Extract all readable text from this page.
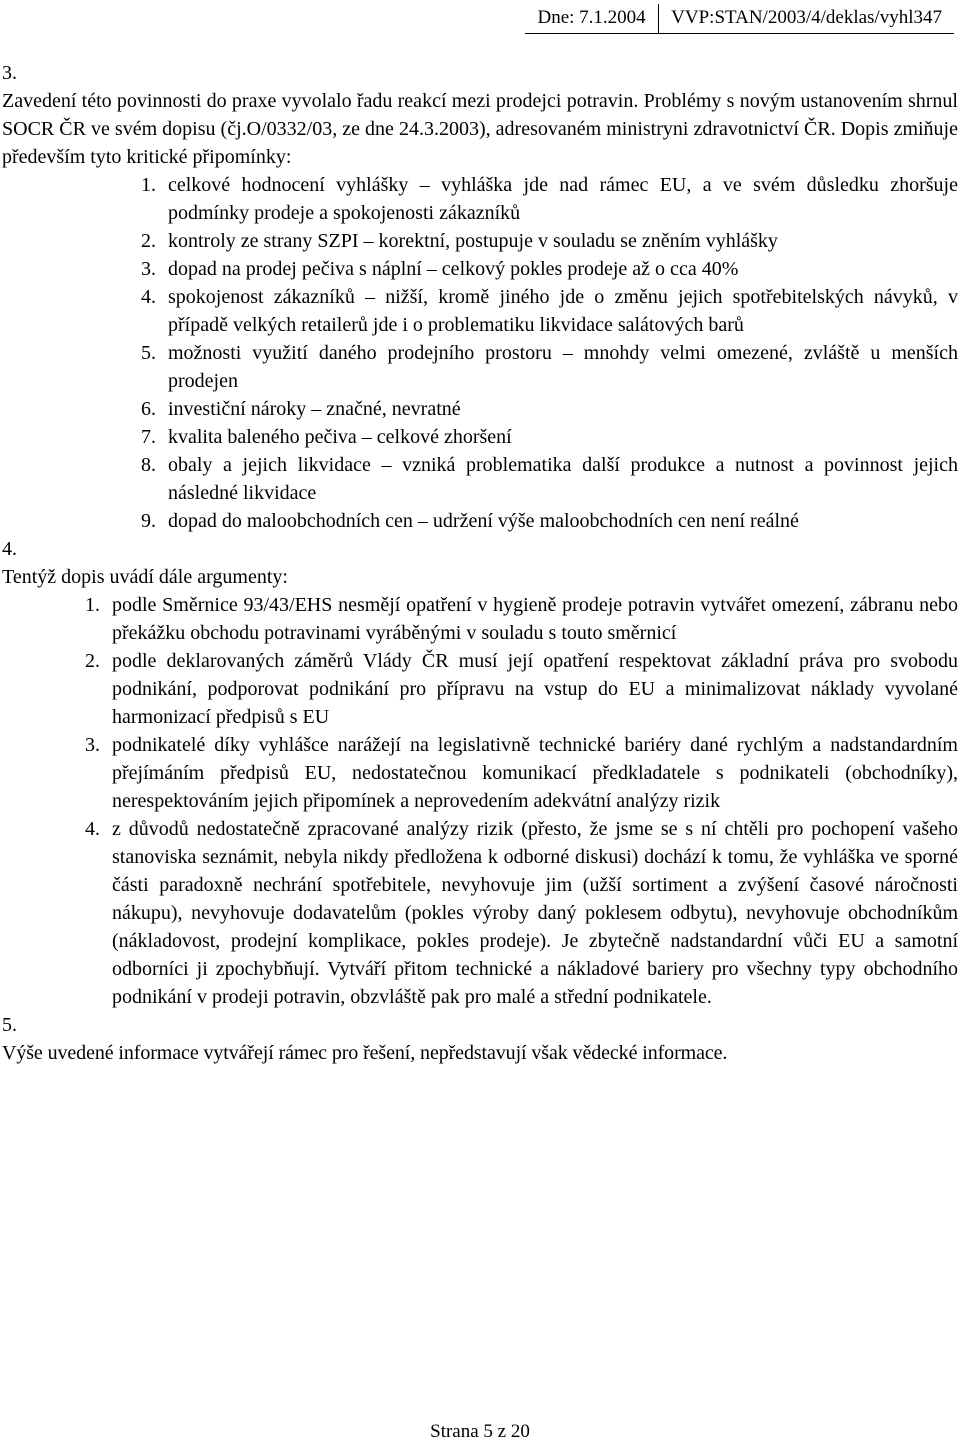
Dne: 7.1.2004	VVP:STAN/2003/4/deklas/vyhl347
3.
Zavedení této povinnosti do praxe vyvolalo řadu reakcí mezi prodejci potravin. Problémy s novým ustanovením shrnul SOCR ČR ve svém dopisu (čj.O/0332/03, ze dne 24.3.2003), adresovaném ministryni zdravotnictví ČR. Dopis zmiňuje především tyto kritické připomínky:
1. celkové hodnocení vyhlášky – vyhláška jde nad rámec EU, a ve svém důsledku zhoršuje podmínky prodeje a spokojenosti zákazníků
2. kontroly ze strany SZPI – korektní, postupuje v souladu se zněním vyhlášky
3. dopad na prodej pečiva s náplní – celkový pokles prodeje až o cca 40%
4. spokojenost zákazníků – nižší, kromě jiného jde o změnu jejich spotřebitelských návyků, v případě velkých retailerů jde i o problematiku likvidace salátových barů
5. možnosti využití daného prodejního prostoru – mnohdy velmi omezené, zvláště u menších prodejen
6. investiční nároky – značné, nevratné
7. kvalita baleného pečiva – celkové zhoršení
8. obaly a jejich likvidace – vzniká problematika další produkce a nutnost a povinnost jejich následné likvidace
9. dopad do maloobchodních cen – udržení výše maloobchodních cen není reálné
4.
Tentýž dopis uvádí dále argumenty:
1. podle Směrnice 93/43/EHS nesmějí opatření v hygieně prodeje potravin vytvářet omezení, zábranu nebo překážku obchodu potravinami vyráběnými v souladu s touto směrnicí
2. podle deklarovaných záměrů Vlády ČR musí její opatření respektovat základní práva pro svobodu podnikání, podporovat podnikání pro přípravu na vstup do EU a minimalizovat náklady vyvolané harmonizací předpisů s EU
3. podnikatelé díky vyhlášce narážejí na legislativně technické bariéry dané rychlým a nadstandardním přejímáním předpisů EU, nedostatečnou komunikací předkladatele s podnikateli (obchodníky), nerespektováním jejich připomínek a neprovedením adekvátní analýzy rizik
4. z důvodů nedostatečně zpracované analýzy rizik (přesto, že jsme se s ní chtěli pro pochopení vašeho stanoviska seznámit, nebyla nikdy předložena k odborné diskusi) dochází k tomu, že vyhláška ve sporné části paradoxně nechrání spotřebitele, nevyhovuje jim (užší sortiment a zvýšení časové náročnosti nákupu), nevyhovuje dodavatelům (pokles výroby daný poklesem odbytu), nevyhovuje obchodníkům (nákladovost, prodejní komplikace, pokles prodeje). Je zbytečně nadstandardní vůči EU a samotní odborníci ji zpochybňují. Vytváří přitom technické a nákladové bariery pro všechny typy obchodního podnikání v prodeji potravin, obzvláště pak pro malé a střední podnikatele.
5.
Výše uvedené informace vytvářejí rámec pro řešení, nepředstavují však vědecké informace.
Strana 5 z 20
